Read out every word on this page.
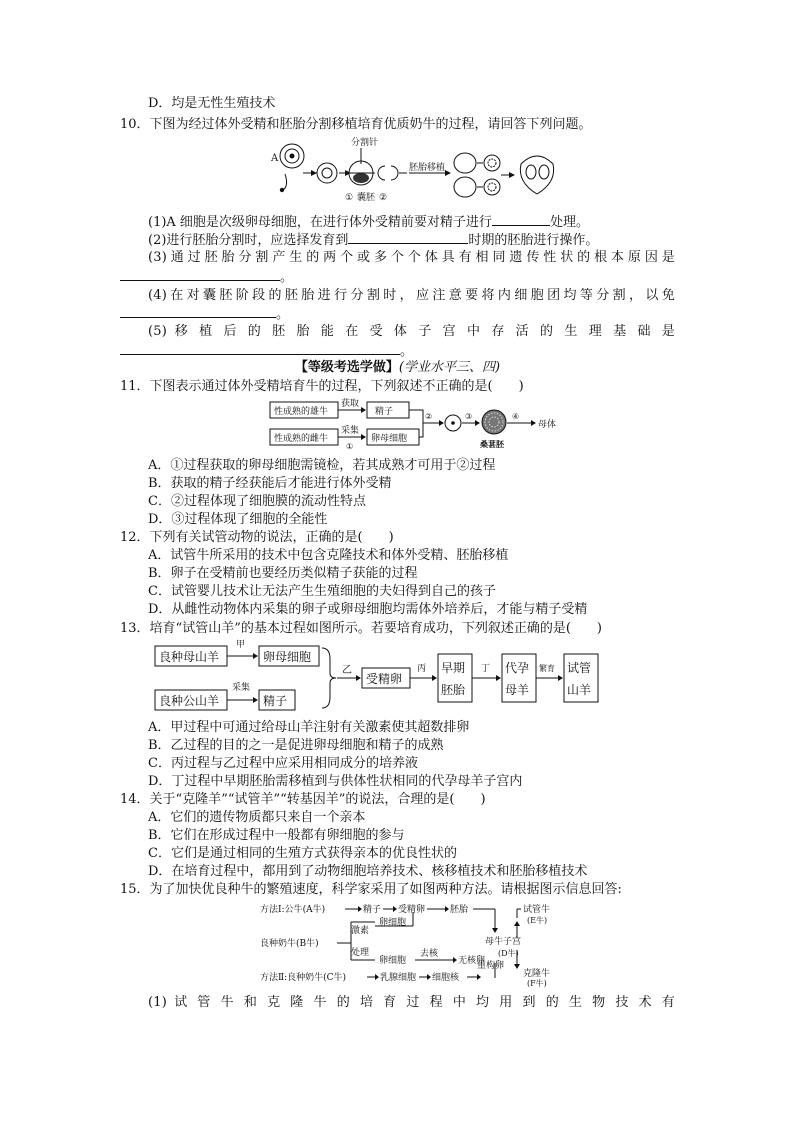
D．均是无性生殖技术
10．下图为经过体外受精和胚胎分割移植培育优质奶牛的过程，请回答下列问题。
A
分割针
① 囊胚 ②
胚胎移植
(1)A 细胞是次级卵母细胞，在进行体外受精前要对精子进行	处理。
(2)进行胚胎分割时，应选择发育到	时期的胚胎进行操作。
(3)通过胚胎分割产生的两个或多个个体具有相同遗传性状的根本原因是
。
(4)在对囊胚阶段的胚胎进行分割时，应注意要将内细胞团均等分割，以免
。
(5) 移 植 后 的 胚 胎 能 在 受 体 子 宫 中 存 活 的 生 理 基 础 是
。
【等级考选学做】(学业水平三、四)
11．下图表示通过体外受精培育牛的过程，下列叙述不正确的是(　　)
性成熟的雄牛
性成熟的雌牛
获取
采集
①
精子
卵母细胞
②	③
桑葚胚
④
母体
A．①过程获取的卵母细胞需镜检，若其成熟才可用于②过程
B．获取的精子经获能后才能进行体外受精
C．②过程体现了细胞膜的流动性特点
D．③过程体现了细胞的全能性
12．下列有关试管动物的说法，正确的是(　　)
A．试管牛所采用的技术中包含克隆技术和体外受精、胚胎移植
B．卵子在受精前也要经历类似精子获能的过程
C．试管婴儿技术让无法产生生殖细胞的夫妇得到自己的孩子
D．从雌性动物体内采集的卵子或卵母细胞均需体外培养后，才能与精子受精
13．培育“试管山羊”的基本过程如图所示。若要培育成功，下列叙述正确的是(　　)
良种母山羊
良种公山羊
甲
采集
卵母细胞
精子
乙
受精卵
丙 早期
胚胎
丁 代孕
母羊
繁育 试管
山羊
A．甲过程中可通过给母山羊注射有关激素使其超数排卵
B．乙过程的目的之一是促进卵母细胞和精子的成熟
C．丙过程与乙过程中应采用相同成分的培养液
D．丁过程中早期胚胎需移植到与供体性状相同的代孕母羊子宫内
14．关于“克隆羊”“试管羊”“转基因羊”的说法，合理的是(　　)
A．它们的遗传物质都只来自一个亲本
B．它们在形成过程中一般都有卵细胞的参与
C．它们是通过相同的生殖方式获得亲本的优良性状的
D．在培育过程中，都用到了动物细胞培养技术、核移植技术和胚胎移植技术
15．为了加快优良种牛的繁殖速度，科学家采用了如图两种方法。请根据图示信息回答:
方法Ⅰ:公牛(A牛)	精子 受精卵	胚胎
激素
卵细胞
良种奶牛(B牛)
处理
卵细胞
去核
无核卵
母牛子宫
(D牛)
试管牛
(E牛)
克隆牛
(F牛)
方法Ⅱ:良种奶牛(C牛)	乳腺细胞 细胞核
重构卵
(1) 试 管 牛 和 克 隆 牛 的 培 育 过 程 中 均 用 到 的 生 物 技 术 有
